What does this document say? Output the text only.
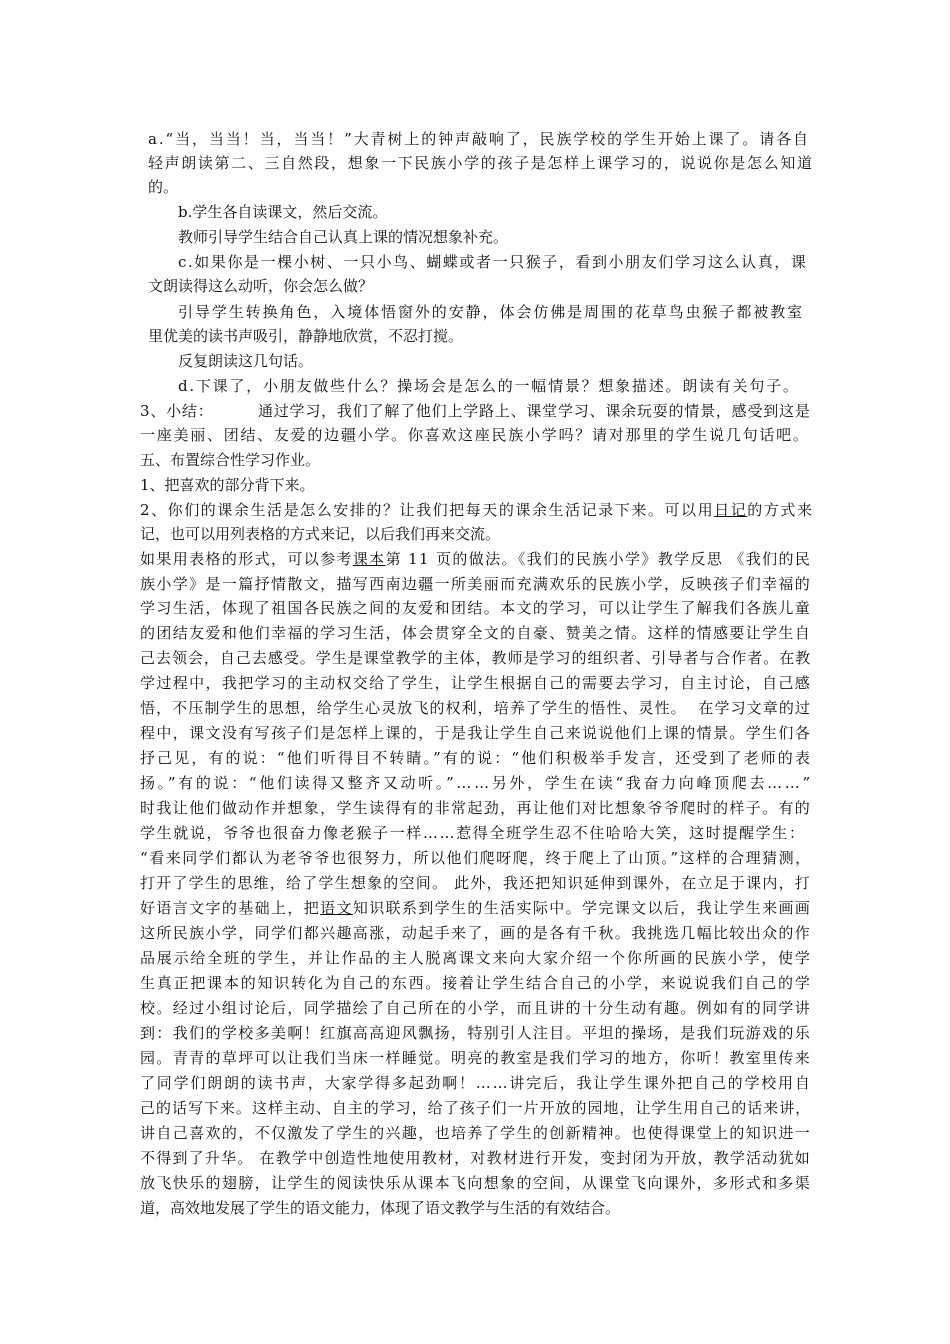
a.“当，当当！当，当当！”大青树上的钟声敲响了，民族学校的学生开始上课了。请各自
轻声朗读第二、三自然段，想象一下民族小学的孩子是怎样上课学习的，说说你是怎么知道
的。
b.学生各自读课文，然后交流。
教师引导学生结合自己认真上课的情况想象补充。
c.如果你是一棵小树、一只小鸟、蝴蝶或者一只猴子，看到小朋友们学习这么认真，课
文朗读得这么动听，你会怎么做？
引导学生转换角色，入境体悟窗外的安静，体会仿佛是周围的花草鸟虫猴子都被教室
里优美的读书声吸引，静静地欣赏，不忍打搅。
反复朗读这几句话。
d.下课了，小朋友做些什么？操场会是怎么的一幅情景？想象描述。朗读有关句子。
3、小结：        通过学习，我们了解了他们上学路上、课堂学习、课余玩耍的情景，感受到这是
一座美丽、团结、友爱的边疆小学。你喜欢这座民族小学吗？请对那里的学生说几句话吧。
五、布置综合性学习作业。
1、把喜欢的部分背下来。
2、你们的课余生活是怎么安排的？让我们把每天的课余生活记录下来。可以用日记的方式来
记，也可以用列表格的方式来记，以后我们再来交流。
如果用表格的形式，可以参考课本第 11 页的做法。《我们的民族小学》教学反思 《我们的民
族小学》是一篇抒情散文，描写西南边疆一所美丽而充满欢乐的民族小学，反映孩子们幸福的
学习生活，体现了祖国各民族之间的友爱和团结。本文的学习，可以让学生了解我们各族儿童
的团结友爱和他们幸福的学习生活，体会贯穿全文的自豪、赞美之情。这样的情感要让学生自
己去领会，自己去感受。学生是课堂教学的主体，教师是学习的组织者、引导者与合作者。在教
学过程中，我把学习的主动权交给了学生，让学生根据自己的需要去学习，自主讨论，自己感
悟，不压制学生的思想，给学生心灵放飞的权利，培养了学生的悟性、灵性。  在学习文章的过
程中，课文没有写孩子们是怎样上课的，于是我让学生自己来说说他们上课的情景。学生们各
抒己见，有的说：“他们听得目不转睛。”有的说：“他们积极举手发言，还受到了老师的表
扬。”有的说：“他们读得又整齐又动听。”……另外，学生在读“我奋力向峰顶爬去……”
时我让他们做动作并想象，学生读得有的非常起劲，再让他们对比想象爷爷爬时的样子。有的
学生就说，爷爷也很奋力像老猴子一样……惹得全班学生忍不住哈哈大笑，这时提醒学生：
“看来同学们都认为老爷爷也很努力，所以他们爬呀爬，终于爬上了山顶。”这样的合理猜测，
打开了学生的思维，给了学生想象的空间。 此外，我还把知识延伸到课外，在立足于课内，打
好语言文字的基础上，把语文知识联系到学生的生活实际中。学完课文以后，我让学生来画画
这所民族小学，同学们都兴趣高涨，动起手来了，画的是各有千秋。我挑选几幅比较出众的作
品展示给全班的学生，并让作品的主人脱离课文来向大家介绍一个你所画的民族小学，使学
生真正把课本的知识转化为自己的东西。接着让学生结合自己的小学，来说说我们自己的学
校。经过小组讨论后，同学描绘了自己所在的小学，而且讲的十分生动有趣。例如有的同学讲
到：我们的学校多美啊！红旗高高迎风飘扬，特别引人注目。平坦的操场，是我们玩游戏的乐
园。青青的草坪可以让我们当床一样睡觉。明亮的教室是我们学习的地方，你听！教室里传来
了同学们朗朗的读书声，大家学得多起劲啊！……讲完后，我让学生课外把自己的学校用自
己的话写下来。这样主动、自主的学习，给了孩子们一片开放的园地，让学生用自己的话来讲，
讲自己喜欢的，不仅激发了学生的兴趣，也培养了学生的创新精神。也使得课堂上的知识进一
不得到了升华。 在教学中创造性地使用教材，对教材进行开发，变封闭为开放，教学活动犹如
放飞快乐的翅膀，让学生的阅读快乐从课本飞向想象的空间，从课堂飞向课外，多形式和多渠
道，高效地发展了学生的语文能力，体现了语文教学与生活的有效结合。
